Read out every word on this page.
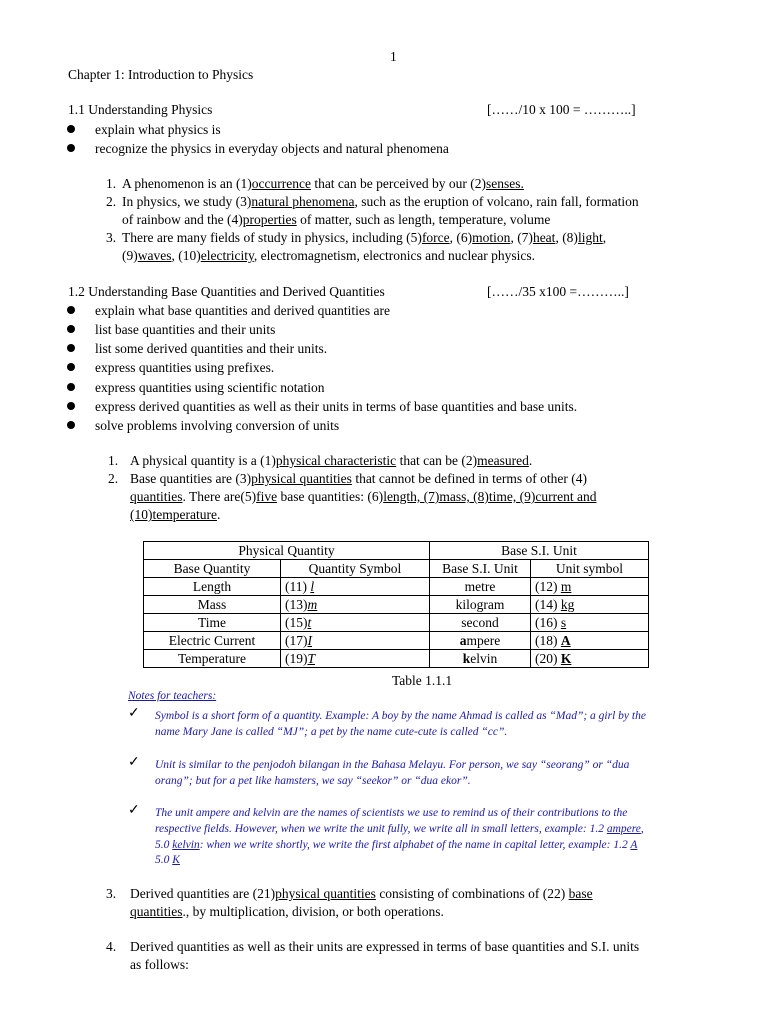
1
Chapter 1: Introduction to Physics
1.1 Understanding Physics	[……/10 x 100 = ………..]
explain what physics is
recognize the physics in everyday objects and natural phenomena
1. A phenomenon is an (1)occurrence that can be perceived by our (2)senses.
2. In physics, we study (3)natural phenomena, such as the eruption of volcano, rain fall, formation
of rainbow and the (4)properties of matter, such as length, temperature, volume
3. There are many fields of study in physics, including (5)force, (6)motion, (7)heat, (8)light,
(9)waves, (10)electricity, electromagnetism, electronics and nuclear physics.
1.2 Understanding Base Quantities and Derived Quantities	[……/35 x100 =………..]
explain what base quantities and derived quantities are
list base quantities and their units
list some derived quantities and their units.
express quantities using prefixes.
express quantities using scientific notation
express derived quantities as well as their units in terms of base quantities and base units.
solve problems involving conversion of units
1. A physical quantity is a (1)physical characteristic that can be (2)measured.
2. Base quantities are (3)physical quantities that cannot be defined in terms of other (4)
quantities. There are(5)five base quantities: (6)length, (7)mass, (8)time, (9)current and
(10)temperature.
Physical Quantity		Base S.I. Unit	
Base Quantity	Quantity Symbol	Base S.I. Unit	Unit symbol
Length	(11) l	metre	(12) m
Mass	(13)m	kilogram	(14) kg
Time	(15)t	second	(16) s
Electric Current	(17)I	ampere	(18) A
Temperature	(19)T	kelvin	(20) K
Table 1.1.1
Notes for teachers:
✓ Symbol is a short form of a quantity. Example: A boy by the name Ahmad is called as “Mad”; a girl by the
name Mary Jane is called “MJ”; a pet by the name cute-cute is called “cc”.
✓ Unit is similar to the penjodoh bilangan in the Bahasa Melayu. For person, we say “seorang” or “dua
orang”; but for a pet like hamsters, we say “seekor” or “dua ekor”.
✓ The unit ampere and kelvin are the names of scientists we use to remind us of their contributions to the
respective fields. However, when we write the unit fully, we write all in small letters, example: 1.2 ampere,
5.0 kelvin: when we write shortly, we write the first alphabet of the name in capital letter, example: 1.2 A
5.0 K
3. Derived quantities are (21)physical quantities consisting of combinations of (22) base
quantities., by multiplication, division, or both operations.
4. Derived quantities as well as their units are expressed in terms of base quantities and S.I. units
as follows:
